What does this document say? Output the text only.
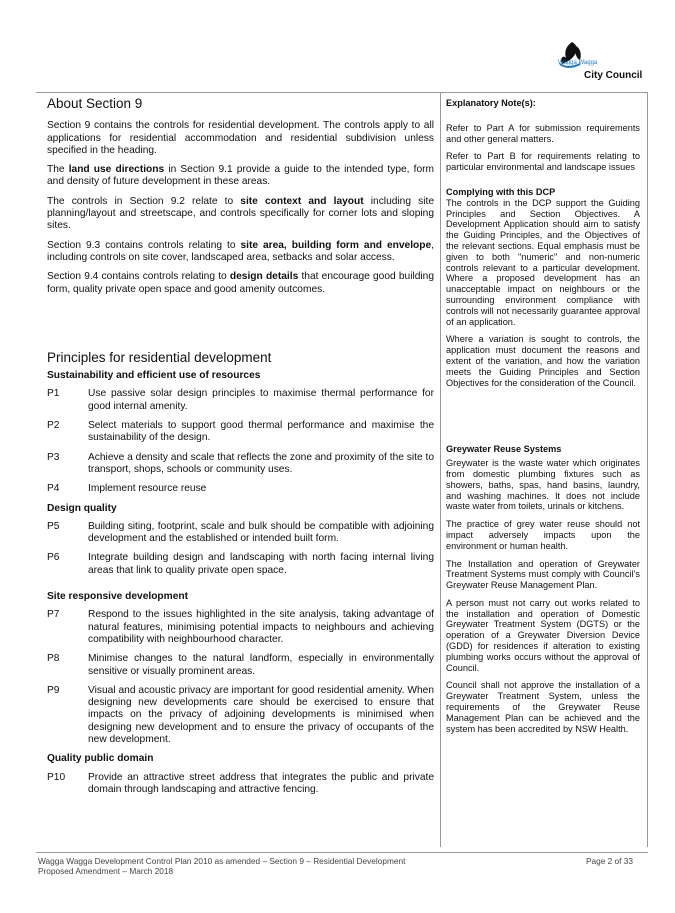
Wagga Wagga
City Council
About Section 9

Section 9 contains the controls for residential development. The controls apply to all applications for residential accommodation and residential subdivision unless specified in the heading.

The land use directions in Section 9.1 provide a guide to the intended type, form and density of future development in these areas.

The controls in Section 9.2 relate to site context and layout including site planning/layout and streetscape, and controls specifically for corner lots and sloping sites.

Section 9.3 contains controls relating to site area, building form and envelope, including controls on site cover, landscaped area, setbacks and solar access.

Section 9.4 contains controls relating to design details that encourage good building form, quality private open space and good amenity outcomes.

Principles for residential development
Sustainability and efficient use of resources
P1	Use passive solar design principles to maximise thermal performance for good internal amenity.
P2	Select materials to support good thermal performance and maximise the sustainability of the design.
P3	Achieve a density and scale that reflects the zone and proximity of the site to transport, shops, schools or community uses.
P4	Implement resource reuse
Design quality
P5	Building siting, footprint, scale and bulk should be compatible with adjoining development and the established or intended built form.
P6	Integrate building design and landscaping with north facing internal living areas that link to quality private open space.
Site responsive development
P7	Respond to the issues highlighted in the site analysis, taking advantage of natural features, minimising potential impacts to neighbours and achieving compatibility with neighbourhood character.
P8	Minimise changes to the natural landform, especially in environmentally sensitive or visually prominent areas.
P9	Visual and acoustic privacy are important for good residential amenity. When designing new developments care should be exercised to ensure that impacts on the privacy of adjoining developments is minimised when designing new development and to ensure the privacy of occupants of the new development.
Quality public domain
P10	Provide an attractive street address that integrates the public and private domain through landscaping and attractive fencing.
Explanatory Note(s):

Refer to Part A for submission requirements and other general matters.

Refer to Part B for requirements relating to particular environmental and landscape issues

Complying with this DCP

The controls in the DCP support the Guiding Principles and Section Objectives. A Development Application should aim to satisfy the Guiding Principles, and the Objectives of the relevant sections. Equal emphasis must be given to both "numeric" and non-numeric controls relevant to a particular development. Where a proposed development has an unacceptable impact on neighbours or the surrounding environment compliance with controls will not necessarily guarantee approval of an application.

Where a variation is sought to controls, the application must document the reasons and extent of the variation, and how the variation meets the Guiding Principles and Section Objectives for the consideration of the Council.

Greywater Reuse Systems

Greywater is the waste water which originates from domestic plumbing fixtures such as showers, baths, spas, hand basins, laundry, and washing machines. It does not include waste water from toilets, urinals or kitchens.

The practice of grey water reuse should not impact adversely impacts upon the environment or human health.

The Installation and operation of Greywater Treatment Systems must comply with Council’s Greywater Reuse Management Plan.

A person must not carry out works related to the installation and operation of Domestic Greywater Treatment System (DGTS) or the operation of a Greywater Diversion Device (GDD) for residences if alteration to existing plumbing works occurs without the approval of Council.

Council shall not approve the installation of a Greywater Treatment System, unless the requirements of the Greywater Reuse Management Plan can be achieved and the system has been accredited by NSW Health.

Wagga Wagga Development Control Plan 2010 as amended – Section 9 – Residential Development
Proposed Amendment – March 2018
Page 2 of 33
